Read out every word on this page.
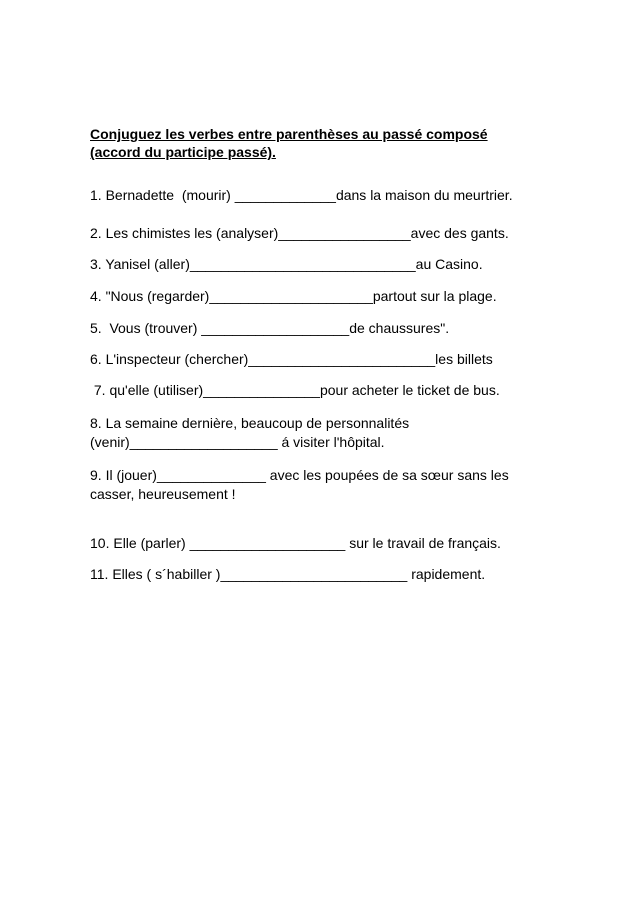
Conjuguez les verbes entre parenthèses au passé composé
(accord du participe passé).

1. Bernadette  (mourir) _____________dans la maison du meurtrier.

2. Les chimistes les (analyser)_________________avec des gants.

3. Yanisel (aller)_____________________________au Casino.

4. "Nous (regarder)_____________________partout sur la plage.

5.  Vous (trouver) ___________________de chaussures".

6. L'inspecteur (chercher)________________________les billets

7. qu'elle (utiliser)_______________pour acheter le ticket de bus.

8. La semaine dernière, beaucoup de personnalités
(venir)___________________ á visiter l'hôpital.

9. Il (jouer)______________ avec les poupées de sa sœur sans les
casser, heureusement !

10. Elle (parler) ____________________ sur le travail de français.

11. Elles ( s´habiller )________________________ rapidement.
